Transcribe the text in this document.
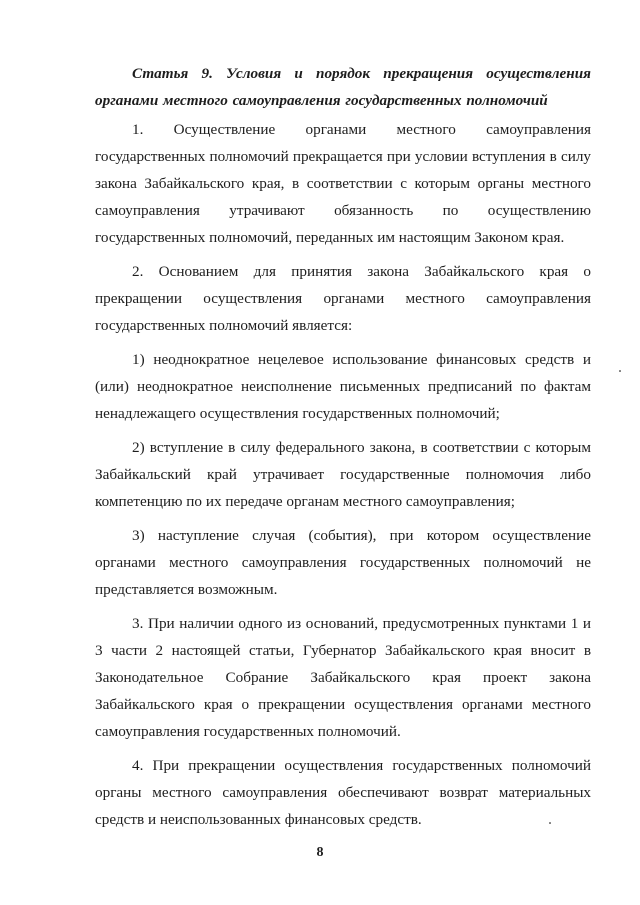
Статья 9. Условия и порядок прекращения осуществления органами местного самоуправления государственных полномочий

1. Осуществление органами местного самоуправления государственных полномочий прекращается при условии вступления в силу закона Забайкальского края, в соответствии с которым органы местного самоуправления утрачивают обязанность по осуществлению государственных полномочий, переданных им настоящим Законом края.

2. Основанием для принятия закона Забайкальского края о прекращении осуществления органами местного самоуправления государственных полномочий является:

1) неоднократное нецелевое использование финансовых средств и (или) неоднократное неисполнение письменных предписаний по фактам ненадлежащего осуществления государственных полномочий;

2) вступление в силу федерального закона, в соответствии с которым Забайкальский край утрачивает государственные полномочия либо компетенцию по их передаче органам местного самоуправления;

3) наступление случая (события), при котором осуществление органами местного самоуправления государственных полномочий не представляется возможным.

3. При наличии одного из оснований, предусмотренных пунктами 1 и 3 части 2 настоящей статьи, Губернатор Забайкальского края вносит в Законодательное Собрание Забайкальского края проект закона Забайкальского края о прекращении осуществления органами местного самоуправления государственных полномочий.

4. При прекращении осуществления государственных полномочий органы местного самоуправления обеспечивают возврат материальных средств и неиспользованных финансовых средств.

8
